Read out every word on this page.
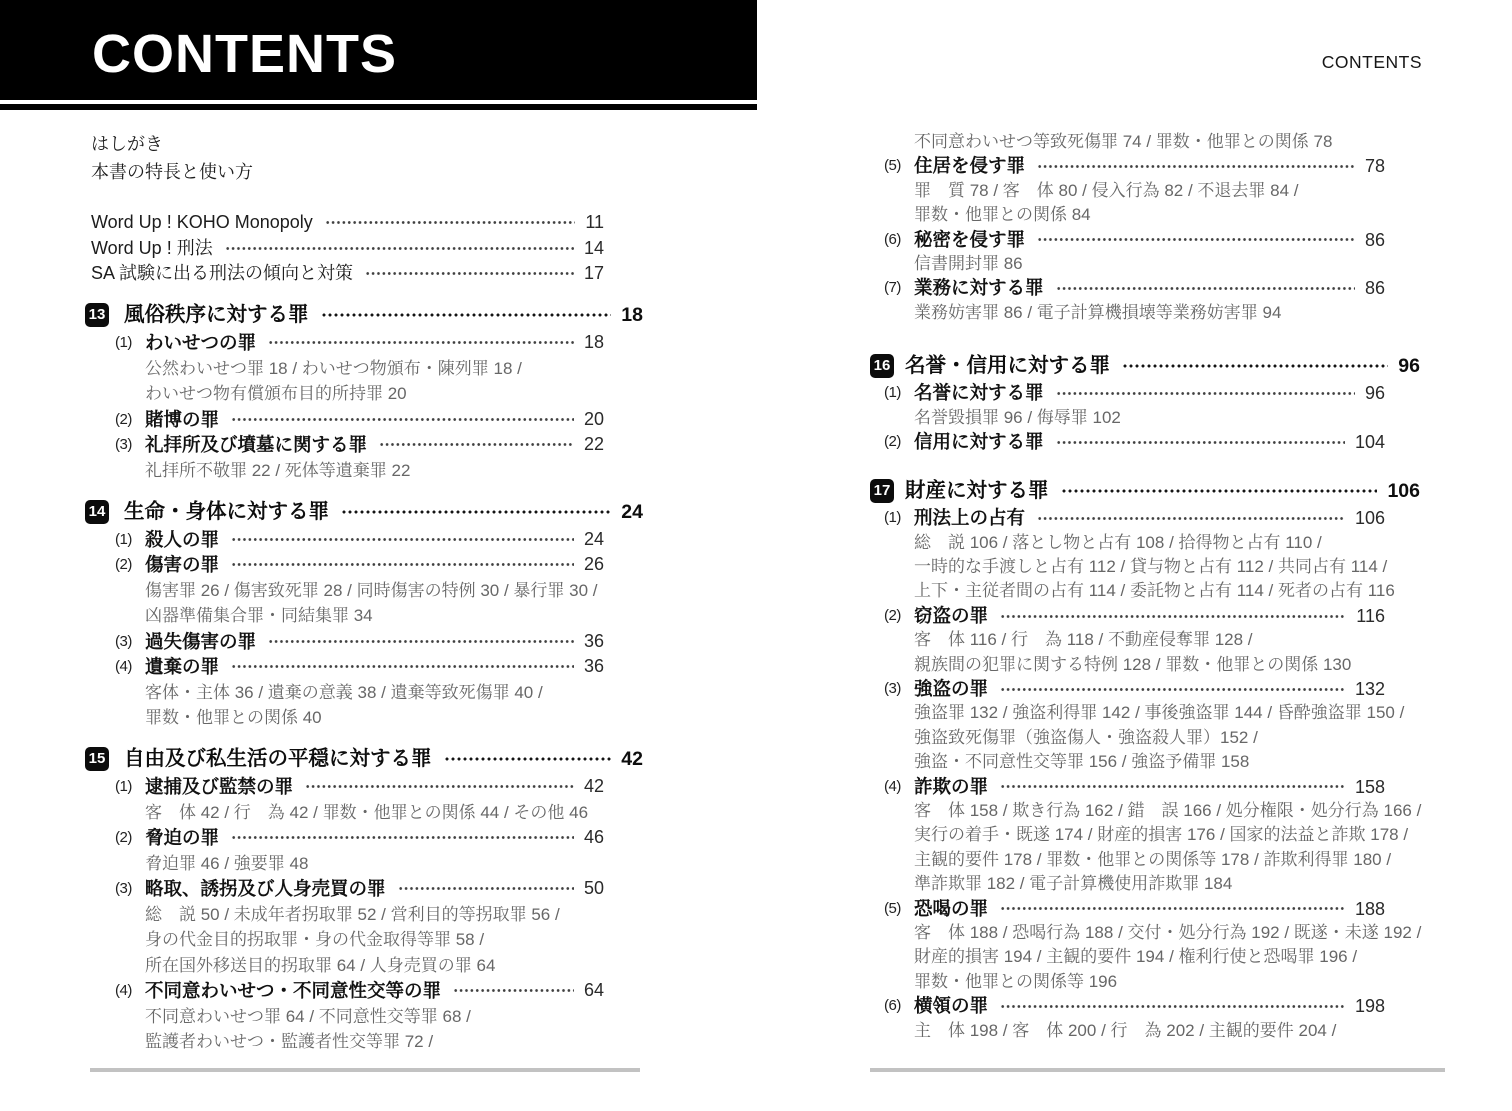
CONTENTS	CONTENTS
はしがき
本書の特長と使い方
Word Up ! KOHO Monopoly	11
Word Up ! 刑法	14
SA 試験に出る刑法の傾向と対策	17
13 風俗秩序に対する罪	18
(1) わいせつの罪	18
公然わいせつ罪 18 / わいせつ物頒布・陳列罪 18 /
わいせつ物有償頒布目的所持罪 20
(2) 賭博の罪	20
(3) 礼拝所及び墳墓に関する罪	22
礼拝所不敬罪 22 / 死体等遺棄罪 22
14 生命・身体に対する罪	24
(1) 殺人の罪	24
(2) 傷害の罪	26
傷害罪 26 / 傷害致死罪 28 / 同時傷害の特例 30 / 暴行罪 30 /
凶器準備集合罪・同結集罪 34
(3) 過失傷害の罪	36
(4) 遺棄の罪	36
客体・主体 36 / 遺棄の意義 38 / 遺棄等致死傷罪 40 /
罪数・他罪との関係 40
15 自由及び私生活の平穏に対する罪	42
(1) 逮捕及び監禁の罪	42
客　体 42 / 行　為 42 / 罪数・他罪との関係 44 / その他 46
(2) 脅迫の罪	46
脅迫罪 46 / 強要罪 48
(3) 略取、誘拐及び人身売買の罪	50
総　説 50 / 未成年者拐取罪 52 / 営利目的等拐取罪 56 /
身の代金目的拐取罪・身の代金取得等罪 58 /
所在国外移送目的拐取罪 64 / 人身売買の罪 64
(4) 不同意わいせつ・不同意性交等の罪	64
不同意わいせつ罪 64 / 不同意性交等罪 68 /
監護者わいせつ・監護者性交等罪 72 /
不同意わいせつ等致死傷罪 74 / 罪数・他罪との関係 78
(5) 住居を侵す罪	78
罪　質 78 / 客　体 80 / 侵入行為 82 / 不退去罪 84 /
罪数・他罪との関係 84
(6) 秘密を侵す罪	86
信書開封罪 86
(7) 業務に対する罪	86
業務妨害罪 86 / 電子計算機損壊等業務妨害罪 94
16 名誉・信用に対する罪	96
(1) 名誉に対する罪	96
名誉毀損罪 96 / 侮辱罪 102
(2) 信用に対する罪	104
17 財産に対する罪	106
(1) 刑法上の占有	106
総　説 106 / 落とし物と占有 108 / 拾得物と占有 110 /
一時的な手渡しと占有 112 / 貸与物と占有 112 / 共同占有 114 /
上下・主従者間の占有 114 / 委託物と占有 114 / 死者の占有 116
(2) 窃盗の罪	116
客　体 116 / 行　為 118 / 不動産侵奪罪 128 /
親族間の犯罪に関する特例 128 / 罪数・他罪との関係 130
(3) 強盗の罪	132
強盗罪 132 / 強盗利得罪 142 / 事後強盗罪 144 / 昏酔強盗罪 150 /
強盗致死傷罪（強盗傷人・強盗殺人罪）152 /
強盗・不同意性交等罪 156 / 強盗予備罪 158
(4) 詐欺の罪	158
客　体 158 / 欺き行為 162 / 錯　誤 166 / 処分権限・処分行為 166 /
実行の着手・既遂 174 / 財産的損害 176 / 国家的法益と詐欺 178 /
主観的要件 178 / 罪数・他罪との関係等 178 / 詐欺利得罪 180 /
準詐欺罪 182 / 電子計算機使用詐欺罪 184
(5) 恐喝の罪	188
客　体 188 / 恐喝行為 188 / 交付・処分行為 192 / 既遂・未遂 192 /
財産的損害 194 / 主観的要件 194 / 権利行使と恐喝罪 196 /
罪数・他罪との関係等 196
(6) 横領の罪	198
主　体 198 / 客　体 200 / 行　為 202 / 主観的要件 204 /
